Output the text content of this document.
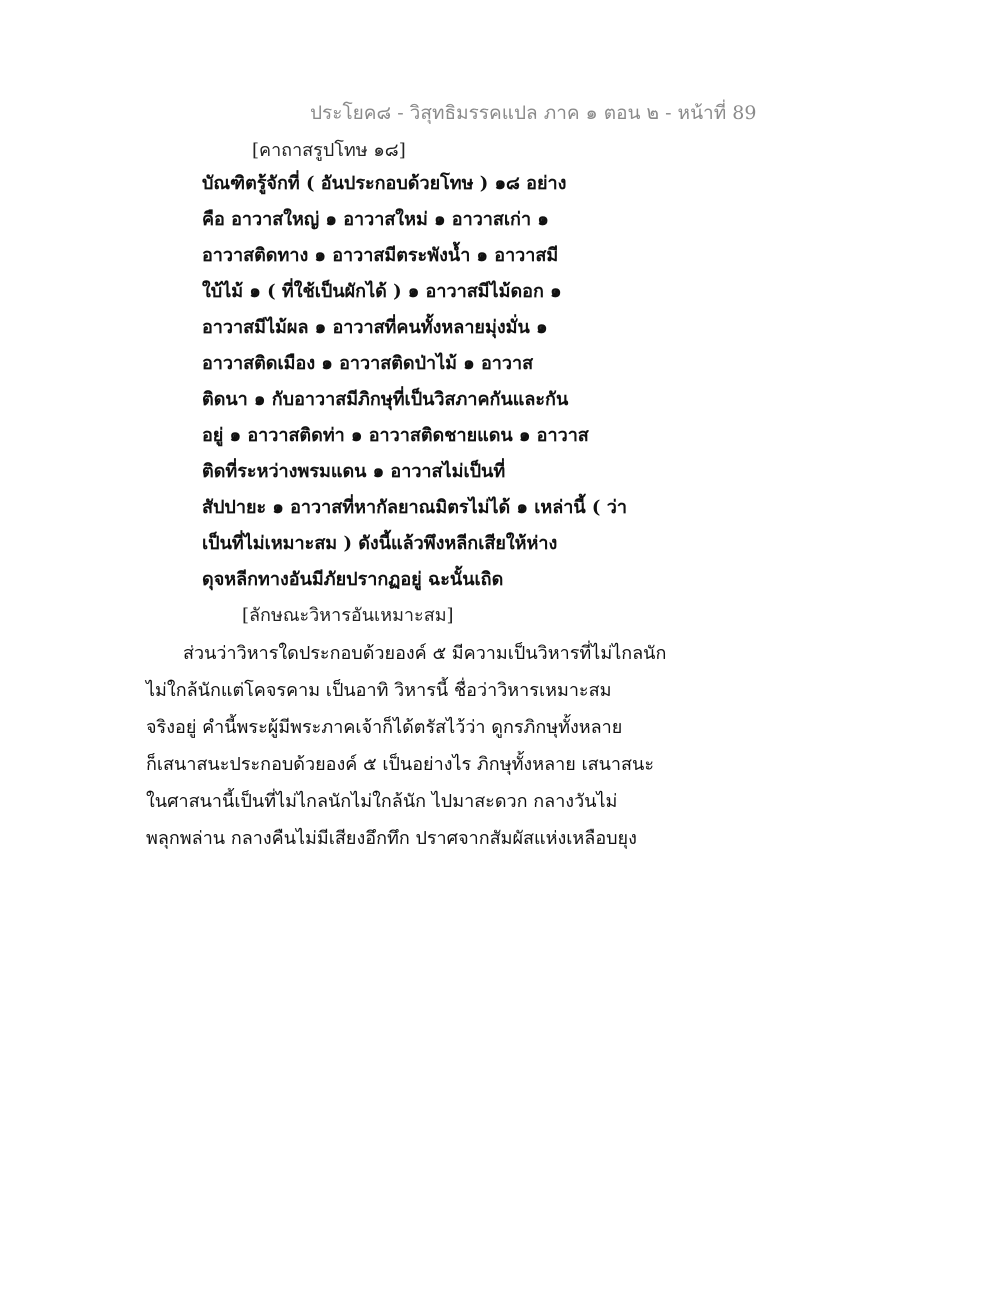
ประโยค๘ - วิสุทธิมรรคแปล ภาค ๑ ตอน ๒ - หน้าที่ 89
[คาถาสรูปโทษ ๑๘]
บัณฑิตรู้จักที่ ( อันประกอบด้วยโทษ ) ๑๘ อย่าง
คือ อาวาสใหญ่ ๑ อาวาสใหม่ ๑ อาวาสเก่า ๑
อาวาสติดทาง ๑ อาวาสมีตระพังน้ำ ๑ อาวาสมี
ใบ้ไม้ ๑ ( ที่ใช้เป็นผักได้ ) ๑ อาวาสมีไม้ดอก ๑
อาวาสมีไม้ผล ๑ อาวาสที่คนทั้งหลายมุ่งมั่น ๑
อาวาสติดเมือง ๑ อาวาสติดป่าไม้ ๑ อาวาส
ติดนา ๑ กับอาวาสมีภิกษุที่เป็นวิสภาคกันและกัน
อยู่ ๑ อาวาสติดท่า ๑ อาวาสติดชายแดน ๑ อาวาส
ติดที่ระหว่างพรมแดน ๑ อาวาสไม่เป็นที่
สัปปายะ ๑ อาวาสที่หากัลยาณมิตรไม่ได้ ๑ เหล่านี้ ( ว่า
เป็นที่ไม่เหมาะสม ) ดังนี้แล้วพึงหลีกเสียให้ห่าง
ดุจหลีกทางอันมีภัยปรากฏอยู่ ฉะนั้นเถิด
[ลักษณะวิหารอันเหมาะสม]
ส่วนว่าวิหารใดประกอบด้วยองค์ ๕ มีความเป็นวิหารที่ไม่ไกลนัก
ไม่ใกล้นักแต่โคจรคาม เป็นอาทิ วิหารนี้ ชื่อว่าวิหารเหมาะสม
จริงอยู่ คำนี้พระผู้มีพระภาคเจ้าก็ได้ตรัสไว้ว่า ดูกรภิกษุทั้งหลาย
ก็เสนาสนะประกอบด้วยองค์ ๕ เป็นอย่างไร ภิกษุทั้งหลาย เสนาสนะ
ในศาสนานี้เป็นที่ไม่ไกลนักไม่ใกล้นัก ไปมาสะดวก กลางวันไม่
พลุกพล่าน กลางคืนไม่มีเสียงอึกทึก ปราศจากสัมผัสแห่งเหลือบยุง
